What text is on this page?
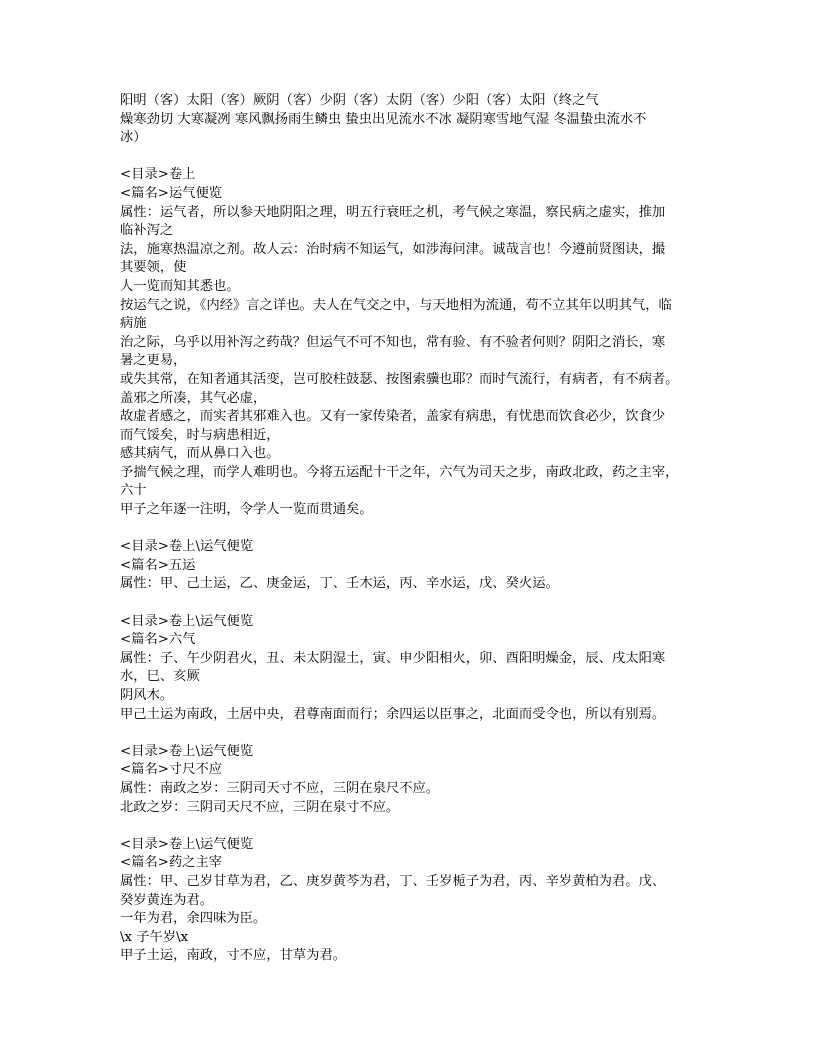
阳明（客）太阳（客）厥阴（客）少阴（客）太阴（客）少阳（客）太阳（终之气
燥寒劲切 大寒凝冽 寒风飘扬雨生鳞虫 蛰虫出见流水不冰 凝阴寒雪地气湿 冬温蛰虫流水不
冰）
<目录>卷上
<篇名>运气便览
属性：运气者，所以参天地阴阳之理，明五行衰旺之机，考气候之寒温，察民病之虚实，推加
临补泻之
法，施寒热温凉之剂。故人云：治时病不知运气，如涉海问津。诚哉言也！今遵前贤图诀，撮
其要领，使
人一览而知其悉也。
按运气之说，《内经》言之详也。夫人在气交之中，与天地相为流通，苟不立其年以明其气，临
病施
治之际，乌乎以用补泻之药哉？但运气不可不知也，常有验、有不验者何则？阴阳之消长，寒
暑之更易，
或失其常，在知者通其活变，岂可胶柱鼓瑟、按图索骥也耶？而时气流行，有病者，有不病者。
盖邪之所凑，其气必虚，
故虚者感之，而实者其邪难入也。又有一家传染者，盖家有病患，有忧患而饮食必少，饮食少
而气馁矣，时与病患相近，
感其病气，而从鼻口入也。
予揣气候之理，而学人难明也。今将五运配十干之年，六气为司天之步，南政北政，药之主宰，
六十
甲子之年逐一注明，令学人一览而贯通矣。
<目录>卷上\运气便览
<篇名>五运
属性：甲、己土运，乙、庚金运，丁、壬木运，丙、辛水运，戊、癸火运。
<目录>卷上\运气便览
<篇名>六气
属性：子、午少阴君火，丑、未太阴湿土，寅、申少阳相火，卯、酉阳明燥金，辰、戌太阳寒
水，巳、亥厥
阴风木。
甲己土运为南政，土居中央，君尊南面而行；余四运以臣事之，北面而受令也，所以有别焉。
<目录>卷上\运气便览
<篇名>寸尺不应
属性：南政之岁：三阴司天寸不应，三阴在泉尺不应。
北政之岁：三阴司天尺不应，三阴在泉寸不应。
<目录>卷上\运气便览
<篇名>药之主宰
属性：甲、己岁甘草为君，乙、庚岁黄芩为君，丁、壬岁栀子为君，丙、辛岁黄柏为君。戊、
癸岁黄连为君。
一年为君，余四味为臣。
\x 子午岁\x
甲子土运，南政，寸不应，甘草为君。
